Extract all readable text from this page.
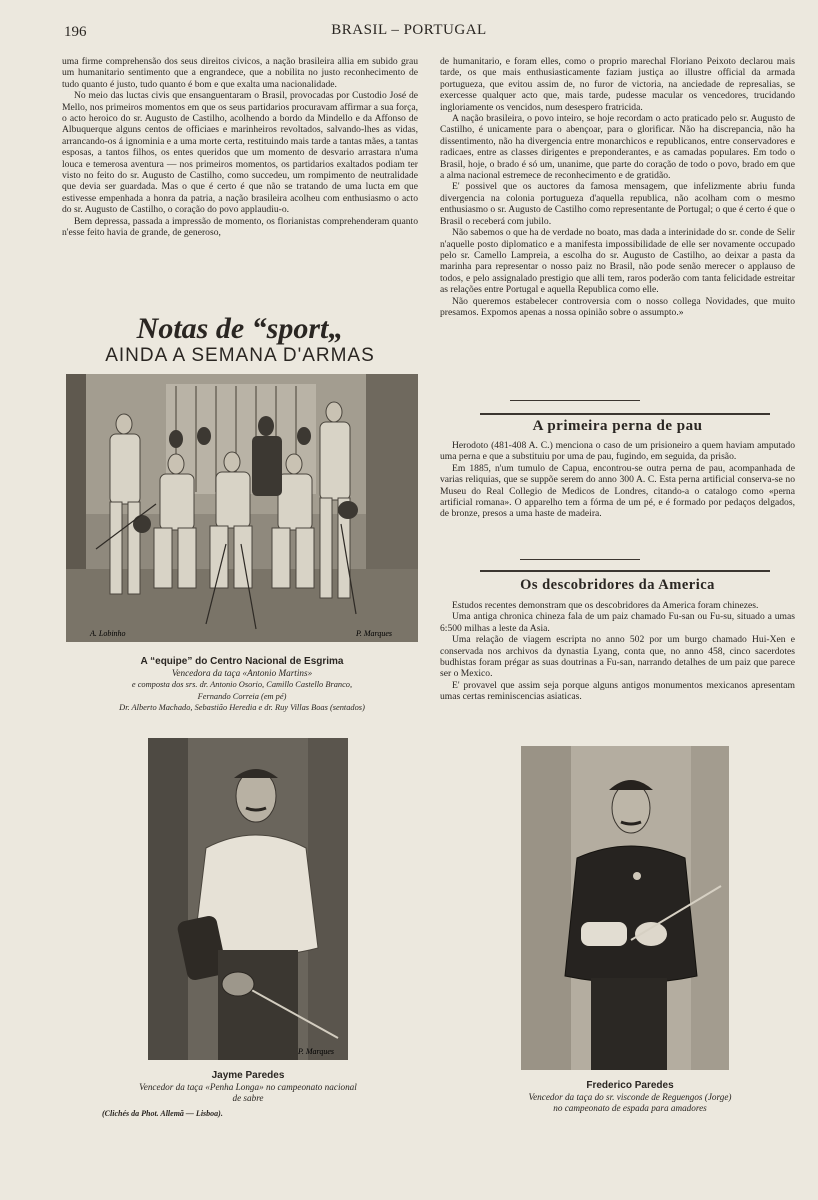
196	BRASIL – PORTUGAL

uma firme comprehensão dos seus direitos civicos, a nação brasileira allia em subido grau um humanitario sentimento que a engrandece, que a nobilita no justo reconhecimento de tudo quanto é justo, tudo quanto é bom e que exalta uma nacionalidade.

No meio das luctas civis que ensanguentaram o Brasil, provocadas por Custodio José de Mello, nos primeiros momentos em que os seus partidarios procuravam affirmar a sua força, o acto heroico do sr. Augusto de Castilho, acolhendo a bordo da Mindello e da Affonso de Albuquerque alguns centos de officiaes e marinheiros revoltados, salvando-lhes as vidas, arrancando-os á ignominia e a uma morte certa, restituindo mais tarde a tantas mães, a tantas esposas, a tantos filhos, os entes queridos que um momento de desvario arrastara n'uma louca e temerosa aventura — nos primeiros momentos, os partidarios exaltados podiam ter visto no feito do sr. Augusto de Castilho, como succedeu, um rompimento de neutralidade que devia ser guardada. Mas o que é certo é que não se tratando de uma lucta em que estivesse empenhada a honra da patria, a nação brasileira acolheu com enthusiasmo o acto do sr. Augusto de Castilho, o coração do povo applaudiu-o.

Bem depressa, passada a impressão de momento, os florianistas comprehenderam quanto n'esse feito havia de grande, de generoso,

de humanitario, e foram elles, como o proprio marechal Floriano Peixoto declarou mais tarde, os que mais enthusiasticamente faziam justiça ao illustre official da armada portugueza, que evitou assim de, no furor de victoria, na anciedade de represalias, se exercesse qualquer acto que, mais tarde, pudesse macular os vencedores, trucidando ingloriamente os vencidos, num desespero fratricida.

A nação brasileira, o povo inteiro, se hoje recordam o acto praticado pelo sr. Augusto de Castilho, é unicamente para o abençoar, para o glorificar. Não ha discrepancia, não ha dissentimento, não ha divergencia entre monarchicos e republicanos, entre conservadores e radicaes, entre as classes dirigentes e preponderantes, e as camadas populares. Em todo o Brasil, hoje, o brado é só um, unanime, que parte do coração de todo o povo, brado em que a alma nacional estremece de reconhecimento e de gratidão.

E' possivel que os auctores da famosa mensagem, que infelizmente abriu funda divergencia na colonia portugueza d'aquella republica, não acolham com o mesmo enthusiasmo o sr. Augusto de Castilho como representante de Portugal; o que é certo é que o Brasil o receberá com jubilo.

Não sabemos o que ha de verdade no boato, mas dada a interinidade do sr. conde de Selir n'aquelle posto diplomatico e a manifesta impossibilidade de elle ser novamente occupado pelo sr. Camello Lampreia, a escolha do sr. Augusto de Castilho, ao deixar a pasta da marinha para representar o nosso paiz no Brasil, não pode senão merecer o applauso de todos, e pelo assignalado prestigio que alli tem, raros poderão com tanta felicidade estreitar as relações entre Portugal e aquella Republica como elle.

Não queremos estabelecer controversia com o nosso collega Novidades, que muito presamos. Expomos apenas a nossa opinião sobre o assumpto.»

Notas de “sport„
AINDA A SEMANA D'ARMAS
A. Lobinho	P. Marques
A “equipe” do Centro Nacional de Esgrima
Vencedora da taça «Antonio Martins»
e composta dos srs. dr. Antonio Osorio, Camillo Castello Branco,
Fernando Correia (em pé)
Dr. Alberto Machado, Sebastião Heredia e dr. Ruy Villas Boas (sentados)
A primeira perna de pau

Herodoto (481-408 A. C.) menciona o caso de um prisioneiro a quem haviam amputado uma perna e que a substituiu por uma de pau, fugindo, em seguida, da prisão.

Em 1885, n'um tumulo de Capua, encontrou-se outra perna de pau, acompanhada de varias reliquias, que se suppõe serem do anno 300 A. C. Esta perna artificial conserva-se no Museu do Real Collegio de Medicos de Londres, citando-a o catalogo como «perna artificial romana». O apparelho tem a fórma de um pé, e é formado por pedaços delgados, de bronze, presos a uma haste de madeira.

Os descobridores da America

Estudos recentes demonstram que os descobridores da America foram chinezes.

Uma antiga chronica chineza fala de um paiz chamado Fu-san ou Fu-su, situado a umas 6:500 milhas a leste da Asia.

Uma relação de viagem escripta no anno 502 por um burgo chamado Hui-Xen e conservada nos archivos da dynastia Lyang, conta que, no anno 458, cinco sacerdotes budhistas foram prégar as suas doutrinas a Fu-san, narrando detalhes de um paiz que parece ser o Mexico.

E' provavel que assim seja porque alguns antigos monumentos mexicanos apresentam umas certas reminiscencias asiaticas.

P. Marques
Jayme Paredes
Vencedor da taça «Penha Longa» no campeonato nacional
de sabre
(Clichés da Phot. Allemã — Lisboa).
Frederico Paredes
Vencedor da taça do sr. visconde de Reguengos (Jorge)
no campeonato de espada para amadores
